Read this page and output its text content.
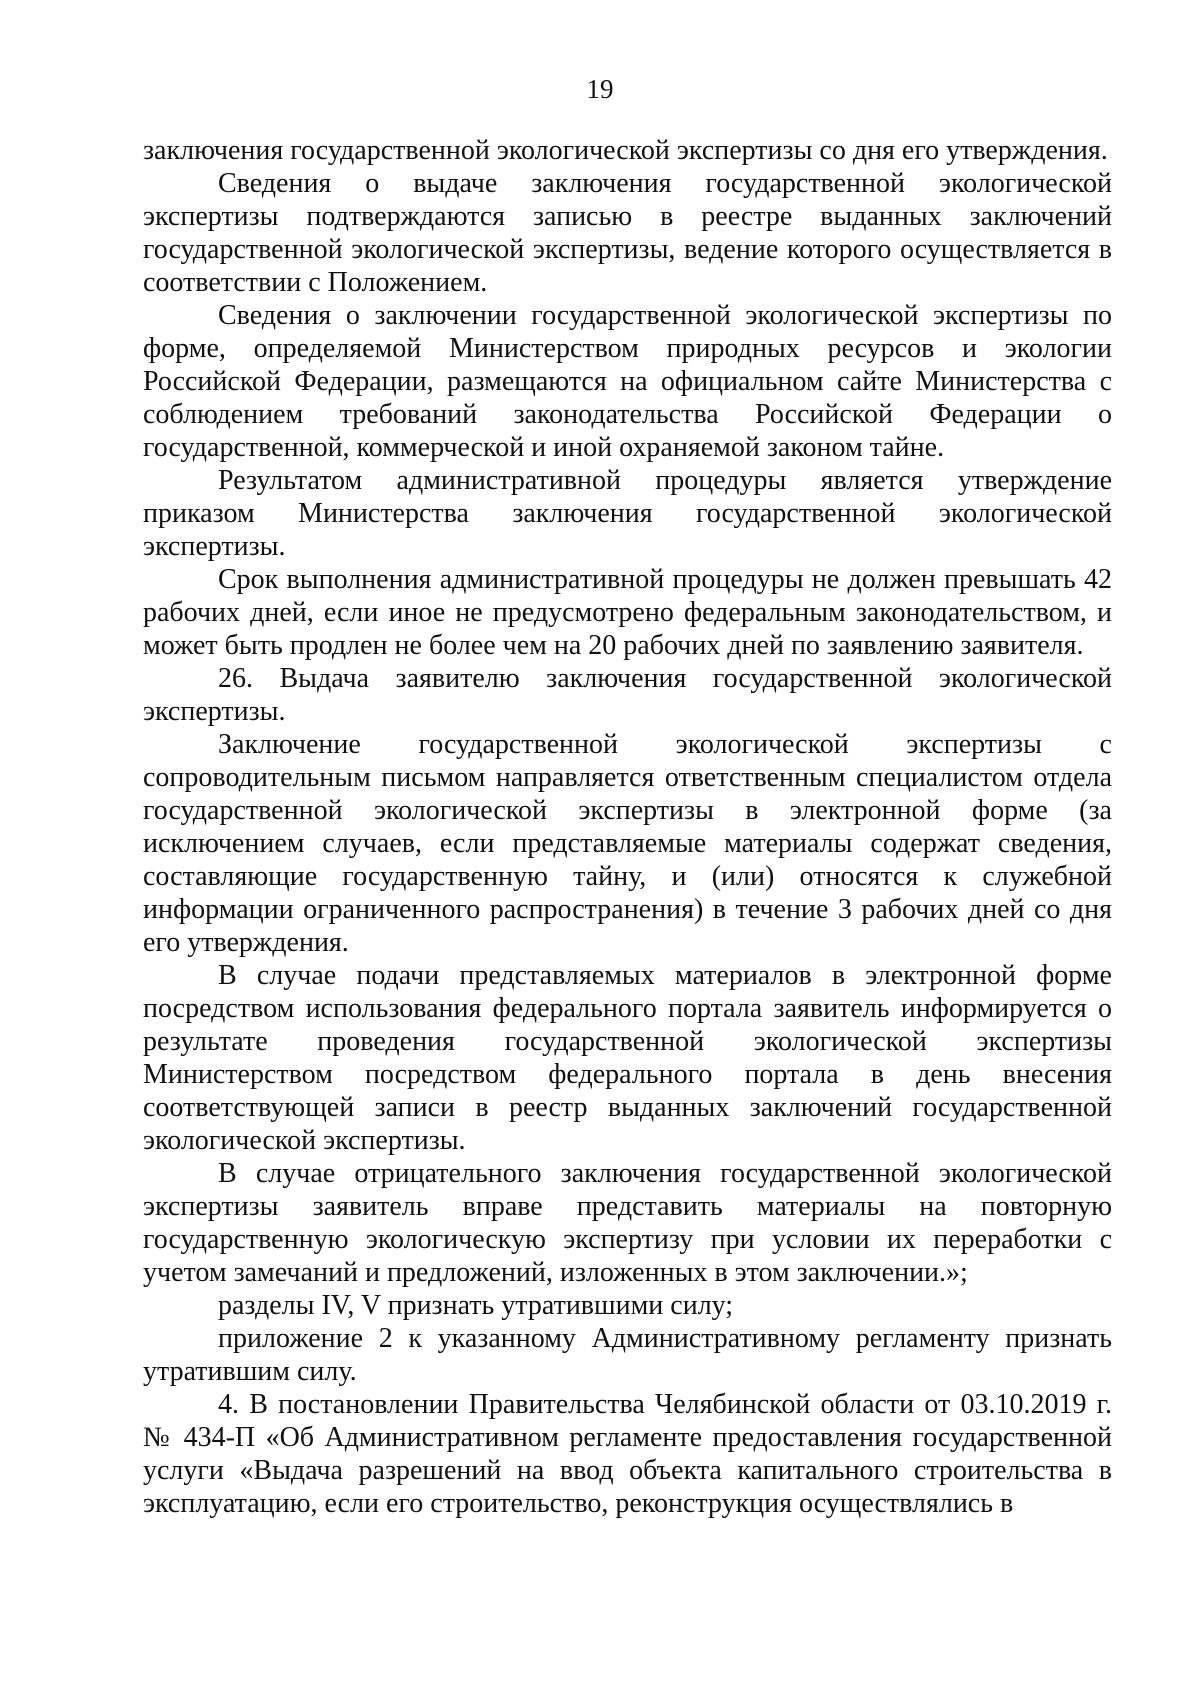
19

заключения государственной экологической экспертизы со дня его утверждения.

Сведения о выдаче заключения государственной экологической экспертизы подтверждаются записью в реестре выданных заключений государственной экологической экспертизы, ведение которого осуществляется в соответствии с Положением.

Сведения о заключении государственной экологической экспертизы по форме, определяемой Министерством природных ресурсов и экологии Российской Федерации, размещаются на официальном сайте Министерства с соблюдением требований законодательства Российской Федерации о государственной, коммерческой и иной охраняемой законом тайне.

Результатом административной процедуры является утверждение приказом Министерства заключения государственной экологической экспертизы.

Срок выполнения административной процедуры не должен превышать 42 рабочих дней, если иное не предусмотрено федеральным законодательством, и может быть продлен не более чем на 20 рабочих дней по заявлению заявителя.

26. Выдача заявителю заключения государственной экологической экспертизы.

Заключение государственной экологической экспертизы с сопроводительным письмом направляется ответственным специалистом отдела государственной экологической экспертизы в электронной форме (за исключением случаев, если представляемые материалы содержат сведения, составляющие государственную тайну, и (или) относятся к служебной информации ограниченного распространения) в течение 3 рабочих дней со дня его утверждения.

В случае подачи представляемых материалов в электронной форме посредством использования федерального портала заявитель информируется о результате проведения государственной экологической экспертизы Министерством посредством федерального портала в день внесения соответствующей записи в реестр выданных заключений государственной экологической экспертизы.

В случае отрицательного заключения государственной экологической экспертизы заявитель вправе представить материалы на повторную государственную экологическую экспертизу при условии их переработки с учетом замечаний и предложений, изложенных в этом заключении.»;

разделы IV, V признать утратившими силу;

приложение 2 к указанному Административному регламенту признать утратившим силу.

4. В постановлении Правительства Челябинской области от 03.10.2019 г. № 434-П «Об Административном регламенте предоставления государственной услуги «Выдача разрешений на ввод объекта капитального строительства в эксплуатацию, если его строительство, реконструкция осуществлялись в
